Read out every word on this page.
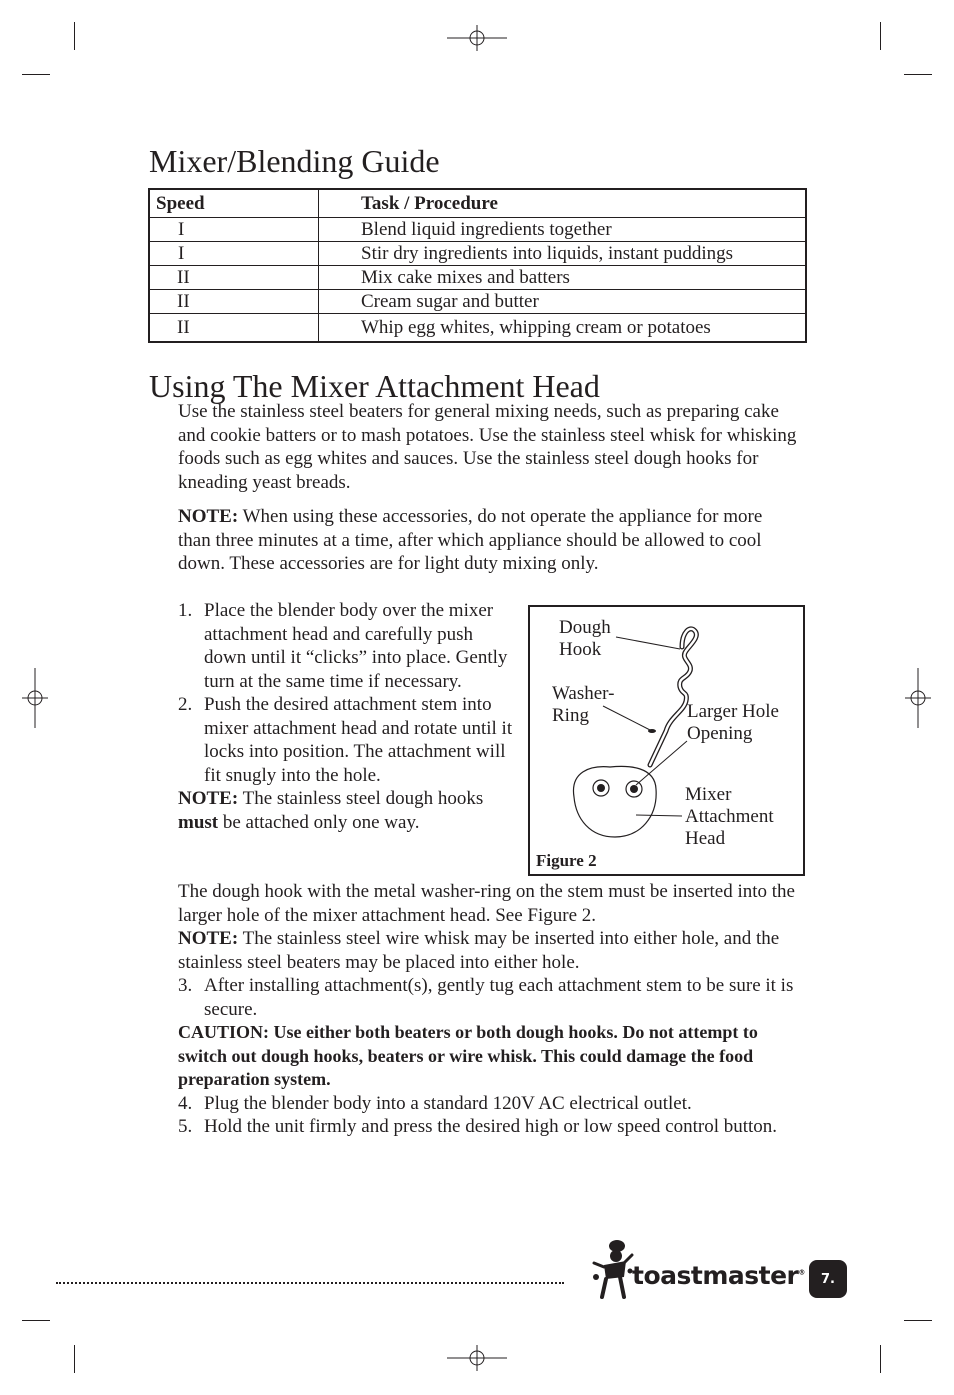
Mixer/Blending Guide
Speed	Task / Procedure
I	Blend liquid ingredients together
I	Stir dry ingredients into liquids, instant puddings
II	Mix cake mixes and batters
II	Cream sugar and butter
II	Whip egg whites, whipping cream or potatoes
Using The Mixer Attachment Head

Use the stainless steel beaters for general mixing needs, such as preparing cake and cookie batters or to mash potatoes. Use the stainless steel whisk for whisking foods such as egg whites and sauces. Use the stainless steel dough hooks for kneading yeast breads.

NOTE: When using these accessories, do not operate the appliance for more than three minutes at a time, after which appliance should be allowed to cool down. These accessories are for light duty mixing only.

1. Place the blender body over the mixer attachment head and carefully push down until it “clicks” into place. Gently turn at the same time if necessary.
2. Push the desired attachment stem into mixer attachment head and rotate until it locks into position. The attachment will fit snugly into the hole.
NOTE: The stainless steel dough hooks must be attached only one way.
The dough hook with the metal washer-ring on the stem must be inserted into the larger hole of the mixer attachment head. See Figure 2.
NOTE: The stainless steel wire whisk may be inserted into either hole, and the stainless steel beaters may be placed into either hole.
3. After installing attachment(s), gently tug each attachment stem to be sure it is secure.
CAUTION: Use either both beaters or both dough hooks. Do not attempt to switch out dough hooks, beaters or wire whisk. This could damage the food preparation system.
4. Plug the blender body into a standard 120V AC electrical outlet.
5. Hold the unit firmly and press the desired high or low speed control button.
Dough
Hook
Washer-
Ring	Larger Hole
Opening
Mixer
Attachment
Head
Figure 2
toastmaster®	7.
